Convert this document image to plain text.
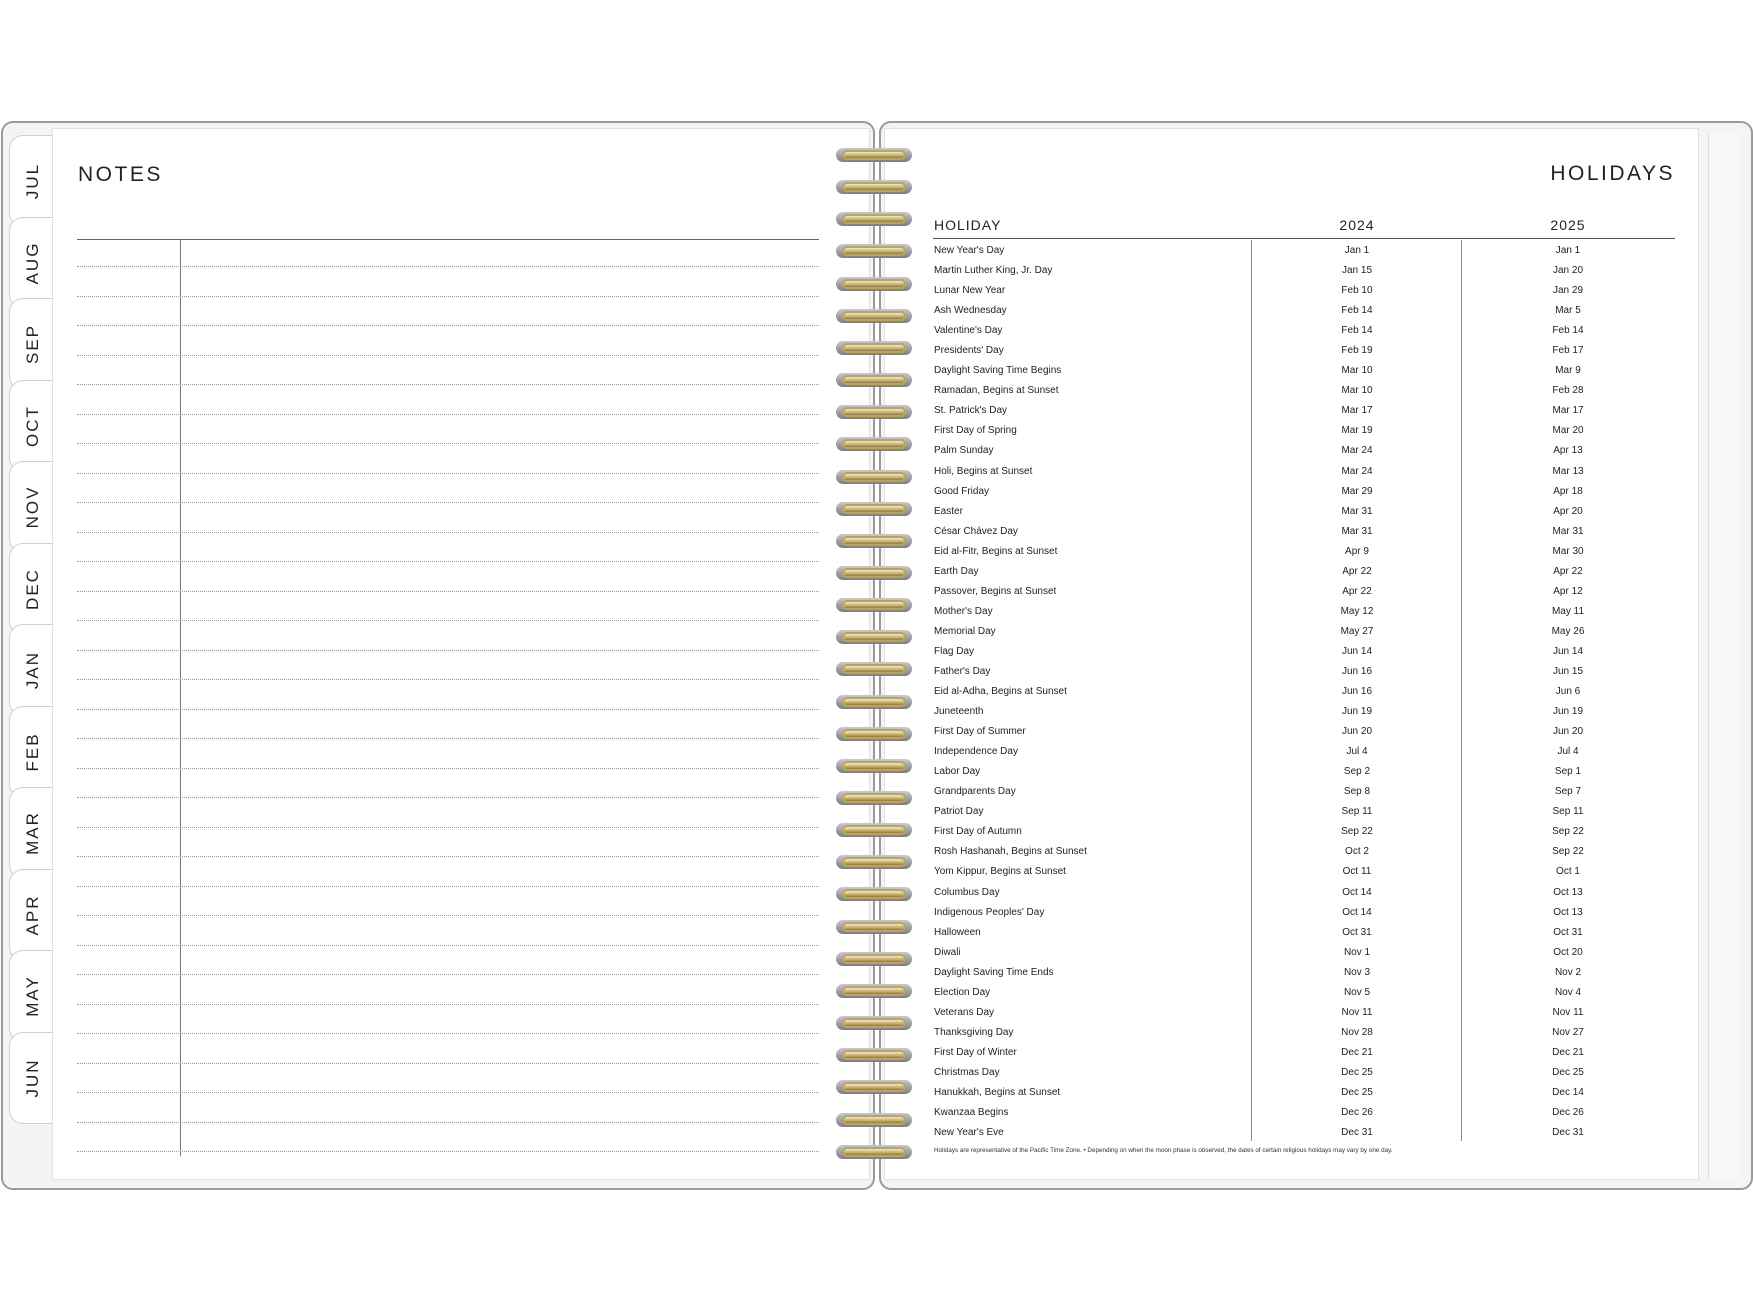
JUL
AUG
SEP
OCT
NOV
DEC
JAN
FEB
MAR
APR
MAY
JUN
NOTES	HOLIDAYS
HOLIDAY	2024	2025
New Year's Day	Jan 1	Jan 1
Martin Luther King, Jr. Day	Jan 15	Jan 20
Lunar New Year	Feb 10	Jan 29
Ash Wednesday	Feb 14	Mar 5
Valentine's Day	Feb 14	Feb 14
Presidents' Day	Feb 19	Feb 17
Daylight Saving Time Begins	Mar 10	Mar 9
Ramadan, Begins at Sunset	Mar 10	Feb 28
St. Patrick's Day	Mar 17	Mar 17
First Day of Spring	Mar 19	Mar 20
Palm Sunday	Mar 24	Apr 13
Holi, Begins at Sunset	Mar 24	Mar 13
Good Friday	Mar 29	Apr 18
Easter	Mar 31	Apr 20
César Chávez Day	Mar 31	Mar 31
Eid al-Fitr, Begins at Sunset	Apr 9	Mar 30
Earth Day	Apr 22	Apr 22
Passover, Begins at Sunset	Apr 22	Apr 12
Mother's Day	May 12	May 11
Memorial Day	May 27	May 26
Flag Day	Jun 14	Jun 14
Father's Day	Jun 16	Jun 15
Eid al-Adha, Begins at Sunset	Jun 16	Jun 6
Juneteenth	Jun 19	Jun 19
First Day of Summer	Jun 20	Jun 20
Independence Day	Jul 4	Jul 4
Labor Day	Sep 2	Sep 1
Grandparents Day	Sep 8	Sep 7
Patriot Day	Sep 11	Sep 11
First Day of Autumn	Sep 22	Sep 22
Rosh Hashanah, Begins at Sunset	Oct 2	Sep 22
Yom Kippur, Begins at Sunset	Oct 11	Oct 1
Columbus Day	Oct 14	Oct 13
Indigenous Peoples' Day	Oct 14	Oct 13
Halloween	Oct 31	Oct 31
Diwali	Nov 1	Oct 20
Daylight Saving Time Ends	Nov 3	Nov 2
Election Day	Nov 5	Nov 4
Veterans Day	Nov 11	Nov 11
Thanksgiving Day	Nov 28	Nov 27
First Day of Winter	Dec 21	Dec 21
Christmas Day	Dec 25	Dec 25
Hanukkah, Begins at Sunset	Dec 25	Dec 14
Kwanzaa Begins	Dec 26	Dec 26
New Year's Eve	Dec 31	Dec 31
Holidays are representative of the Pacific Time Zone. • Depending on when the moon phase is observed, the dates of certain religious holidays may vary by one day.
